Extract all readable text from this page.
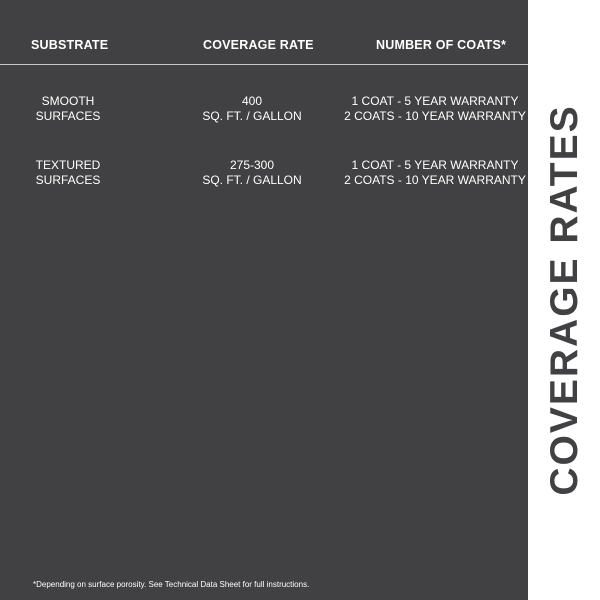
SUBSTRATE	COVERAGE RATE	NUMBER OF COATS*
SMOOTH
SURFACES
400
SQ. FT. / GALLON
1 COAT - 5 YEAR WARRANTY
2 COATS - 10 YEAR WARRANTY
TEXTURED
SURFACES
275-300
SQ. FT. / GALLON
1 COAT - 5 YEAR WARRANTY
2 COATS - 10 YEAR WARRANTY
*Depending on surface porosity. See Technical Data Sheet for full instructions.
COVERAGE RATES
